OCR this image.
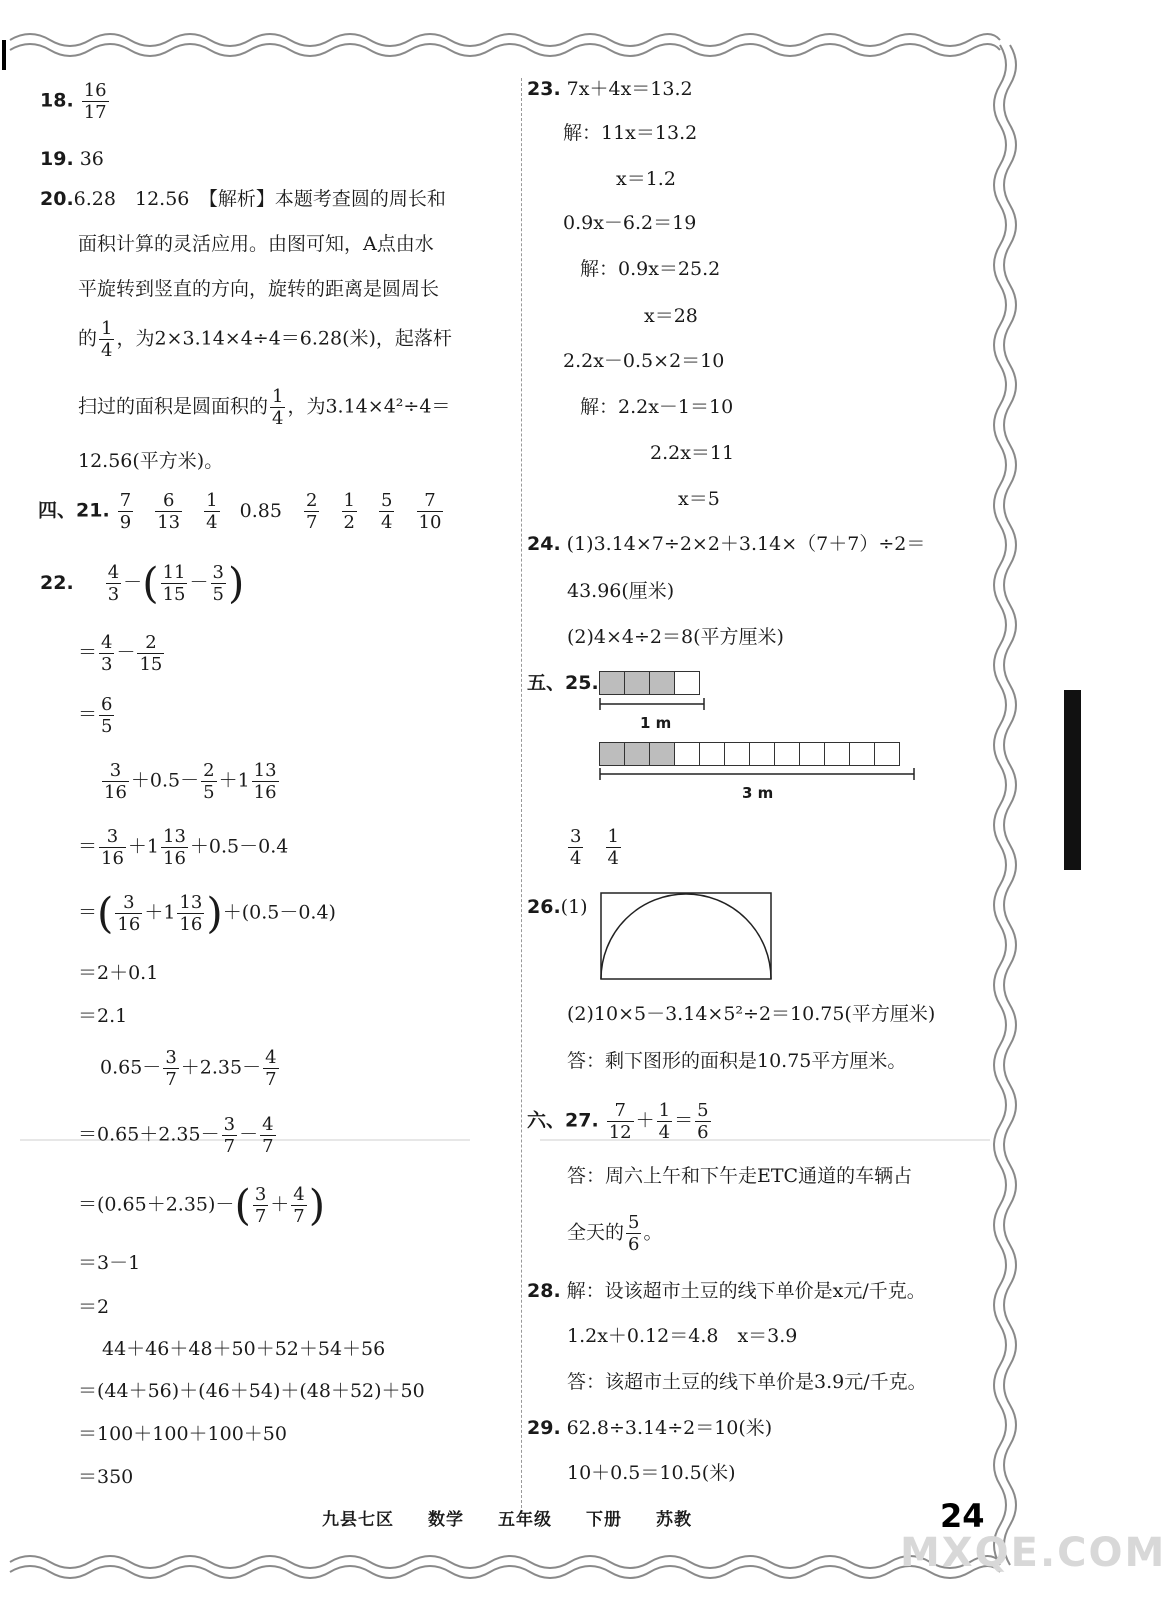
18. $\frac{16}{17}$
19. 36
20.6.28　12.56　【解析】本题考查圆的周长和
面积计算的灵活应用。由图可知，A点由水
平旋转到竖直的方向，旋转的距离是圆周长
的 $\frac{1}{4}$ ，为2×3.14×4÷4＝6.28(米)，起落杆
扫过的面积是圆面积的 $\frac{1}{4}$ ，为3.14×4²÷4＝
12.56(平方米)。
四、21. $\frac{7}{9}$
$\frac{6}{13}$
$\frac{1}{4} 0.85 \frac{2}{7}$
$\frac{1}{2}$
$\frac{5}{4}$
$\frac{7}{10}$
22. $\frac{4}{3}$ －( $\frac{11}{15} - \frac{3}{5}$ )
＝ $\frac{4}{3} - \frac{2}{15}$
＝ $\frac{6}{5}$
$\frac{3}{16} +0.5- \frac{2}{5} +1 \frac{13}{16}$
＝ $\frac{3}{16} +1 \frac{13}{16} +0.5-0.4$
＝( $\frac{3}{16} +1 \frac{13}{16} )+(0.5-0.4)$
＝2＋0.1
＝2.1
$0.65- \frac{3}{7} +2.35- \frac{4}{7}$
$=0.65+2.35- \frac{3}{7} - \frac{4}{7}$
$=(0.65+2.35)-( \frac{3}{7} + \frac{4}{7}$ )
＝3－1
＝2
44＋46＋48＋50＋52＋54＋56
＝(44＋56)＋(46＋54)＋(48＋52)＋50
＝100＋100＋100＋50
＝350
23. 7x＋4x＝13.2
解：11x＝13.2
x＝1.2
0.9x－6.2＝19
解：0.9x＝25.2
x＝28
2.2x－0.5×2＝10
解：2.2x－1＝10
2.2x＝11
x＝5
24. (1)3.14×7÷2×2＋3.14×（7＋7）÷2＝
43.96(厘米)
(2)4×4÷2＝8(平方厘米)
五、25.
1 m
3 m
$\frac{3}{4}$
$\frac{1}{4}$
26.(1)
(2)10×5－3.14×5²÷2＝10.75(平方厘米)
答：剩下图形的面积是10.75平方厘米。
六、27. $\frac{7}{12} + \frac{1}{4} = \frac{5}{6}$
答：周六上午和下午走ETC通道的车辆占
全天的 $\frac{5}{6}$ 。
28. 解：设该超市土豆的线下单价是x元/千克。
1.2x＋0.12＝4.8　x＝3.9
答：该超市土豆的线下单价是3.9元/千克。
29. 62.8÷3.14÷2＝10(米)
10＋0.5＝10.5(米)
九县七区 数学 五年级 下册 苏教	24
MXQE.COM
